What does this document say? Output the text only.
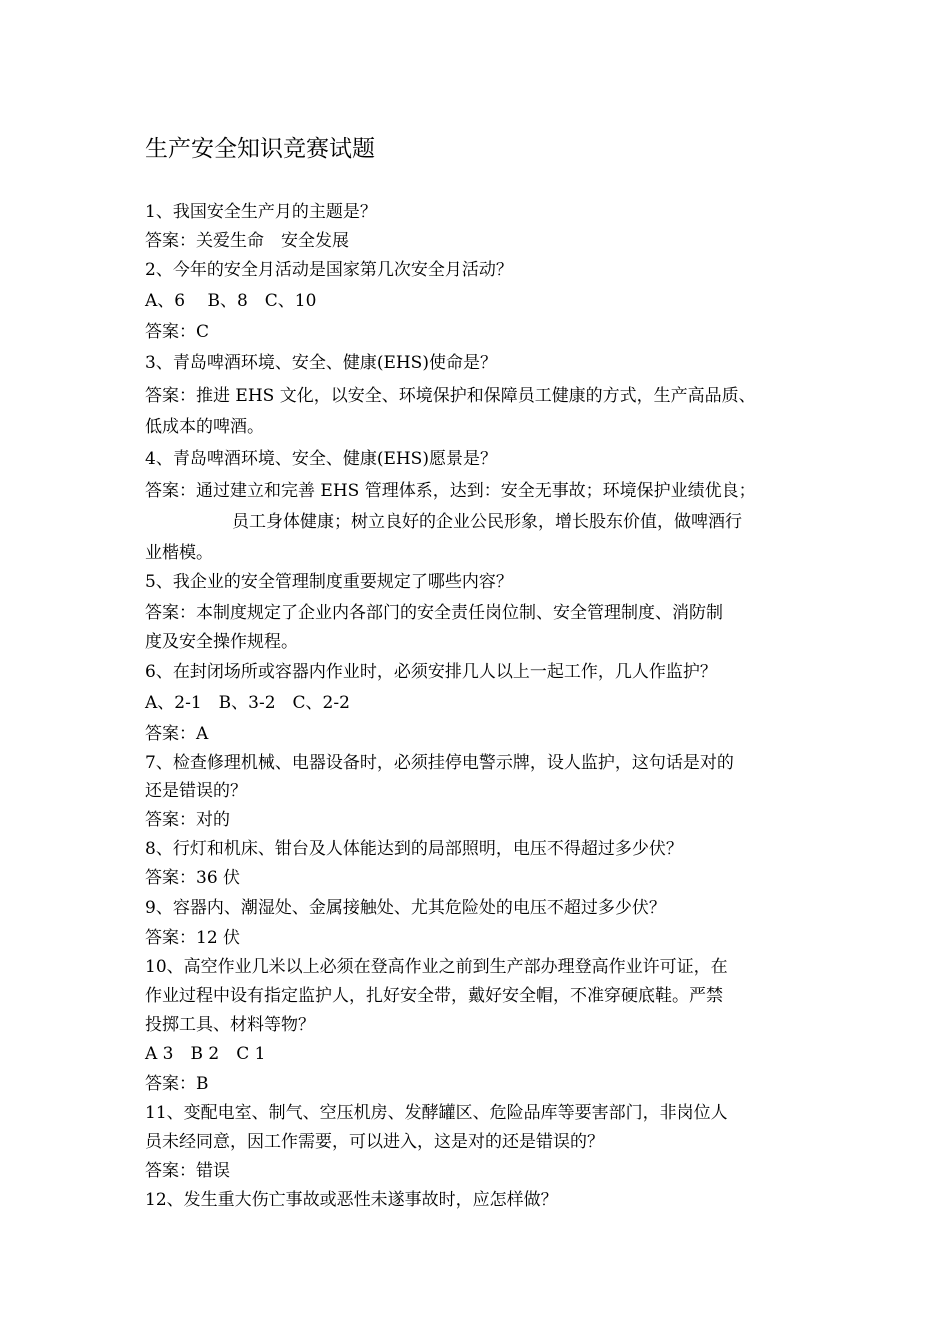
生产安全知识竞赛试题
1、我国安全生产月的主题是？
答案：关爱生命　安全发展
2、今年的安全月活动是国家第几次安全月活动？
A、6　 B、8　C、10
答案：C
3、青岛啤酒环境、安全、健康(EHS)使命是？
答案：推进 EHS 文化，以安全、环境保护和保障员工健康的方式，生产高品质、
低成本的啤酒。
4、青岛啤酒环境、安全、健康(EHS)愿景是？
答案：通过建立和完善 EHS 管理体系，达到：安全无事故；环境保护业绩优良；
员工身体健康；树立良好的企业公民形象，增长股东价值，做啤酒行
业楷模。
5、我企业的安全管理制度重要规定了哪些内容？
答案：本制度规定了企业内各部门的安全责任岗位制、安全管理制度、消防制
度及安全操作规程。
6、在封闭场所或容器内作业时，必须安排几人以上一起工作，几人作监护？
A、2-1　B、3-2　C、2-2
答案：A
7、检查修理机械、电器设备时，必须挂停电警示牌，设人监护，这句话是对的
还是错误的？
答案：对的
8、行灯和机床、钳台及人体能达到的局部照明，电压不得超过多少伏？
答案：36 伏
9、容器内、潮湿处、金属接触处、尤其危险处的电压不超过多少伏？
答案：12 伏
10、高空作业几米以上必须在登高作业之前到生产部办理登高作业许可证，在
作业过程中设有指定监护人，扎好安全带，戴好安全帽，不准穿硬底鞋。严禁
投掷工具、材料等物？
A 3　B 2　C 1
答案：B
11、变配电室、制气、空压机房、发酵罐区、危险品库等要害部门，非岗位人
员未经同意，因工作需要，可以进入，这是对的还是错误的？
答案：错误
12、发生重大伤亡事故或恶性未遂事故时，应怎样做？
